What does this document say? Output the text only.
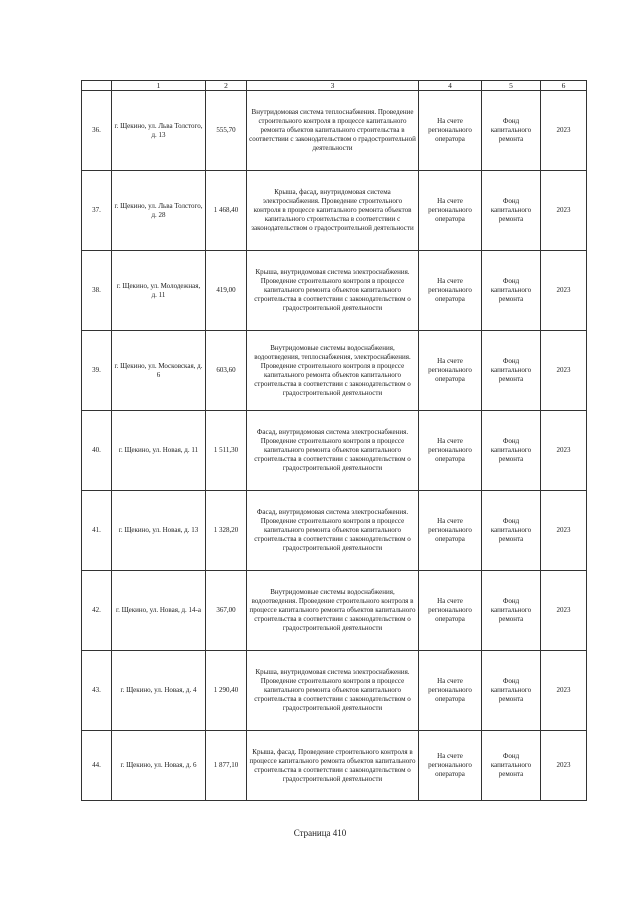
	1	2	3	4	5	6
36.	г. Щекино, ул. Льва Толстого, д. 13	555,70	Внутридомовая система теплоснабжения. Проведение строительного контроля в процессе капитального ремонта объектов капитального строительства в соответствии с законодательством о градостроительной деятельности	На счете регионального оператора	Фонд капитального ремонта	2023
37.	г. Щекино, ул. Льва Толстого, д. 28	1 468,40	Крыша, фасад, внутридомовая система электроснабжения. Проведение строительного контроля в процессе капитального ремонта объектов капитального строительства в соответствии с законодательством о градостроительной деятельности	На счете регионального оператора	Фонд капитального ремонта	2023
38.	г. Щекино, ул. Молодежная, д. 11	419,00	Крыша, внутридомовая система электроснабжения. Проведение строительного контроля в процессе капитального ремонта объектов капитального строительства в соответствии с законодательством о градостроительной деятельности	На счете регионального оператора	Фонд капитального ремонта	2023
39.	г. Щекино, ул. Московская, д. 6	603,60	Внутридомовые системы водоснабжения, водоотведения, теплоснабжения, электроснабжения. Проведение строительного контроля в процессе капитального ремонта объектов капитального строительства в соответствии с законодательством о градостроительной деятельности	На счете регионального оператора	Фонд капитального ремонта	2023
40.	г. Щекино, ул. Новая, д. 11	1 511,30	Фасад, внутридомовая система электроснабжения. Проведение строительного контроля в процессе капитального ремонта объектов капитального строительства в соответствии с законодательством о градостроительной деятельности	На счете регионального оператора	Фонд капитального ремонта	2023
41.	г. Щекино, ул. Новая, д. 13	1 328,20	Фасад, внутридомовая система электроснабжения. Проведение строительного контроля в процессе капитального ремонта объектов капитального строительства в соответствии с законодательством о градостроительной деятельности	На счете регионального оператора	Фонд капитального ремонта	2023
42.	г. Щекино, ул. Новая, д. 14-а	367,00	Внутридомовые системы водоснабжения, водоотведения. Проведение строительного контроля в процессе капитального ремонта объектов капитального строительства в соответствии с законодательством о градостроительной деятельности	На счете регионального оператора	Фонд капитального ремонта	2023
43.	г. Щекино, ул. Новая, д. 4	1 290,40	Крыша, внутридомовая система электроснабжения. Проведение строительного контроля в процессе капитального ремонта объектов капитального строительства в соответствии с законодательством о градостроительной деятельности	На счете регионального оператора	Фонд капитального ремонта	2023
44.	г. Щекино, ул. Новая, д. 6	1 877,10	Крыша, фасад. Проведение строительного контроля в процессе капитального ремонта объектов капитального строительства в соответствии с законодательством о градостроительной деятельности	На счете регионального оператора	Фонд капитального ремонта	2023
Страница 410
